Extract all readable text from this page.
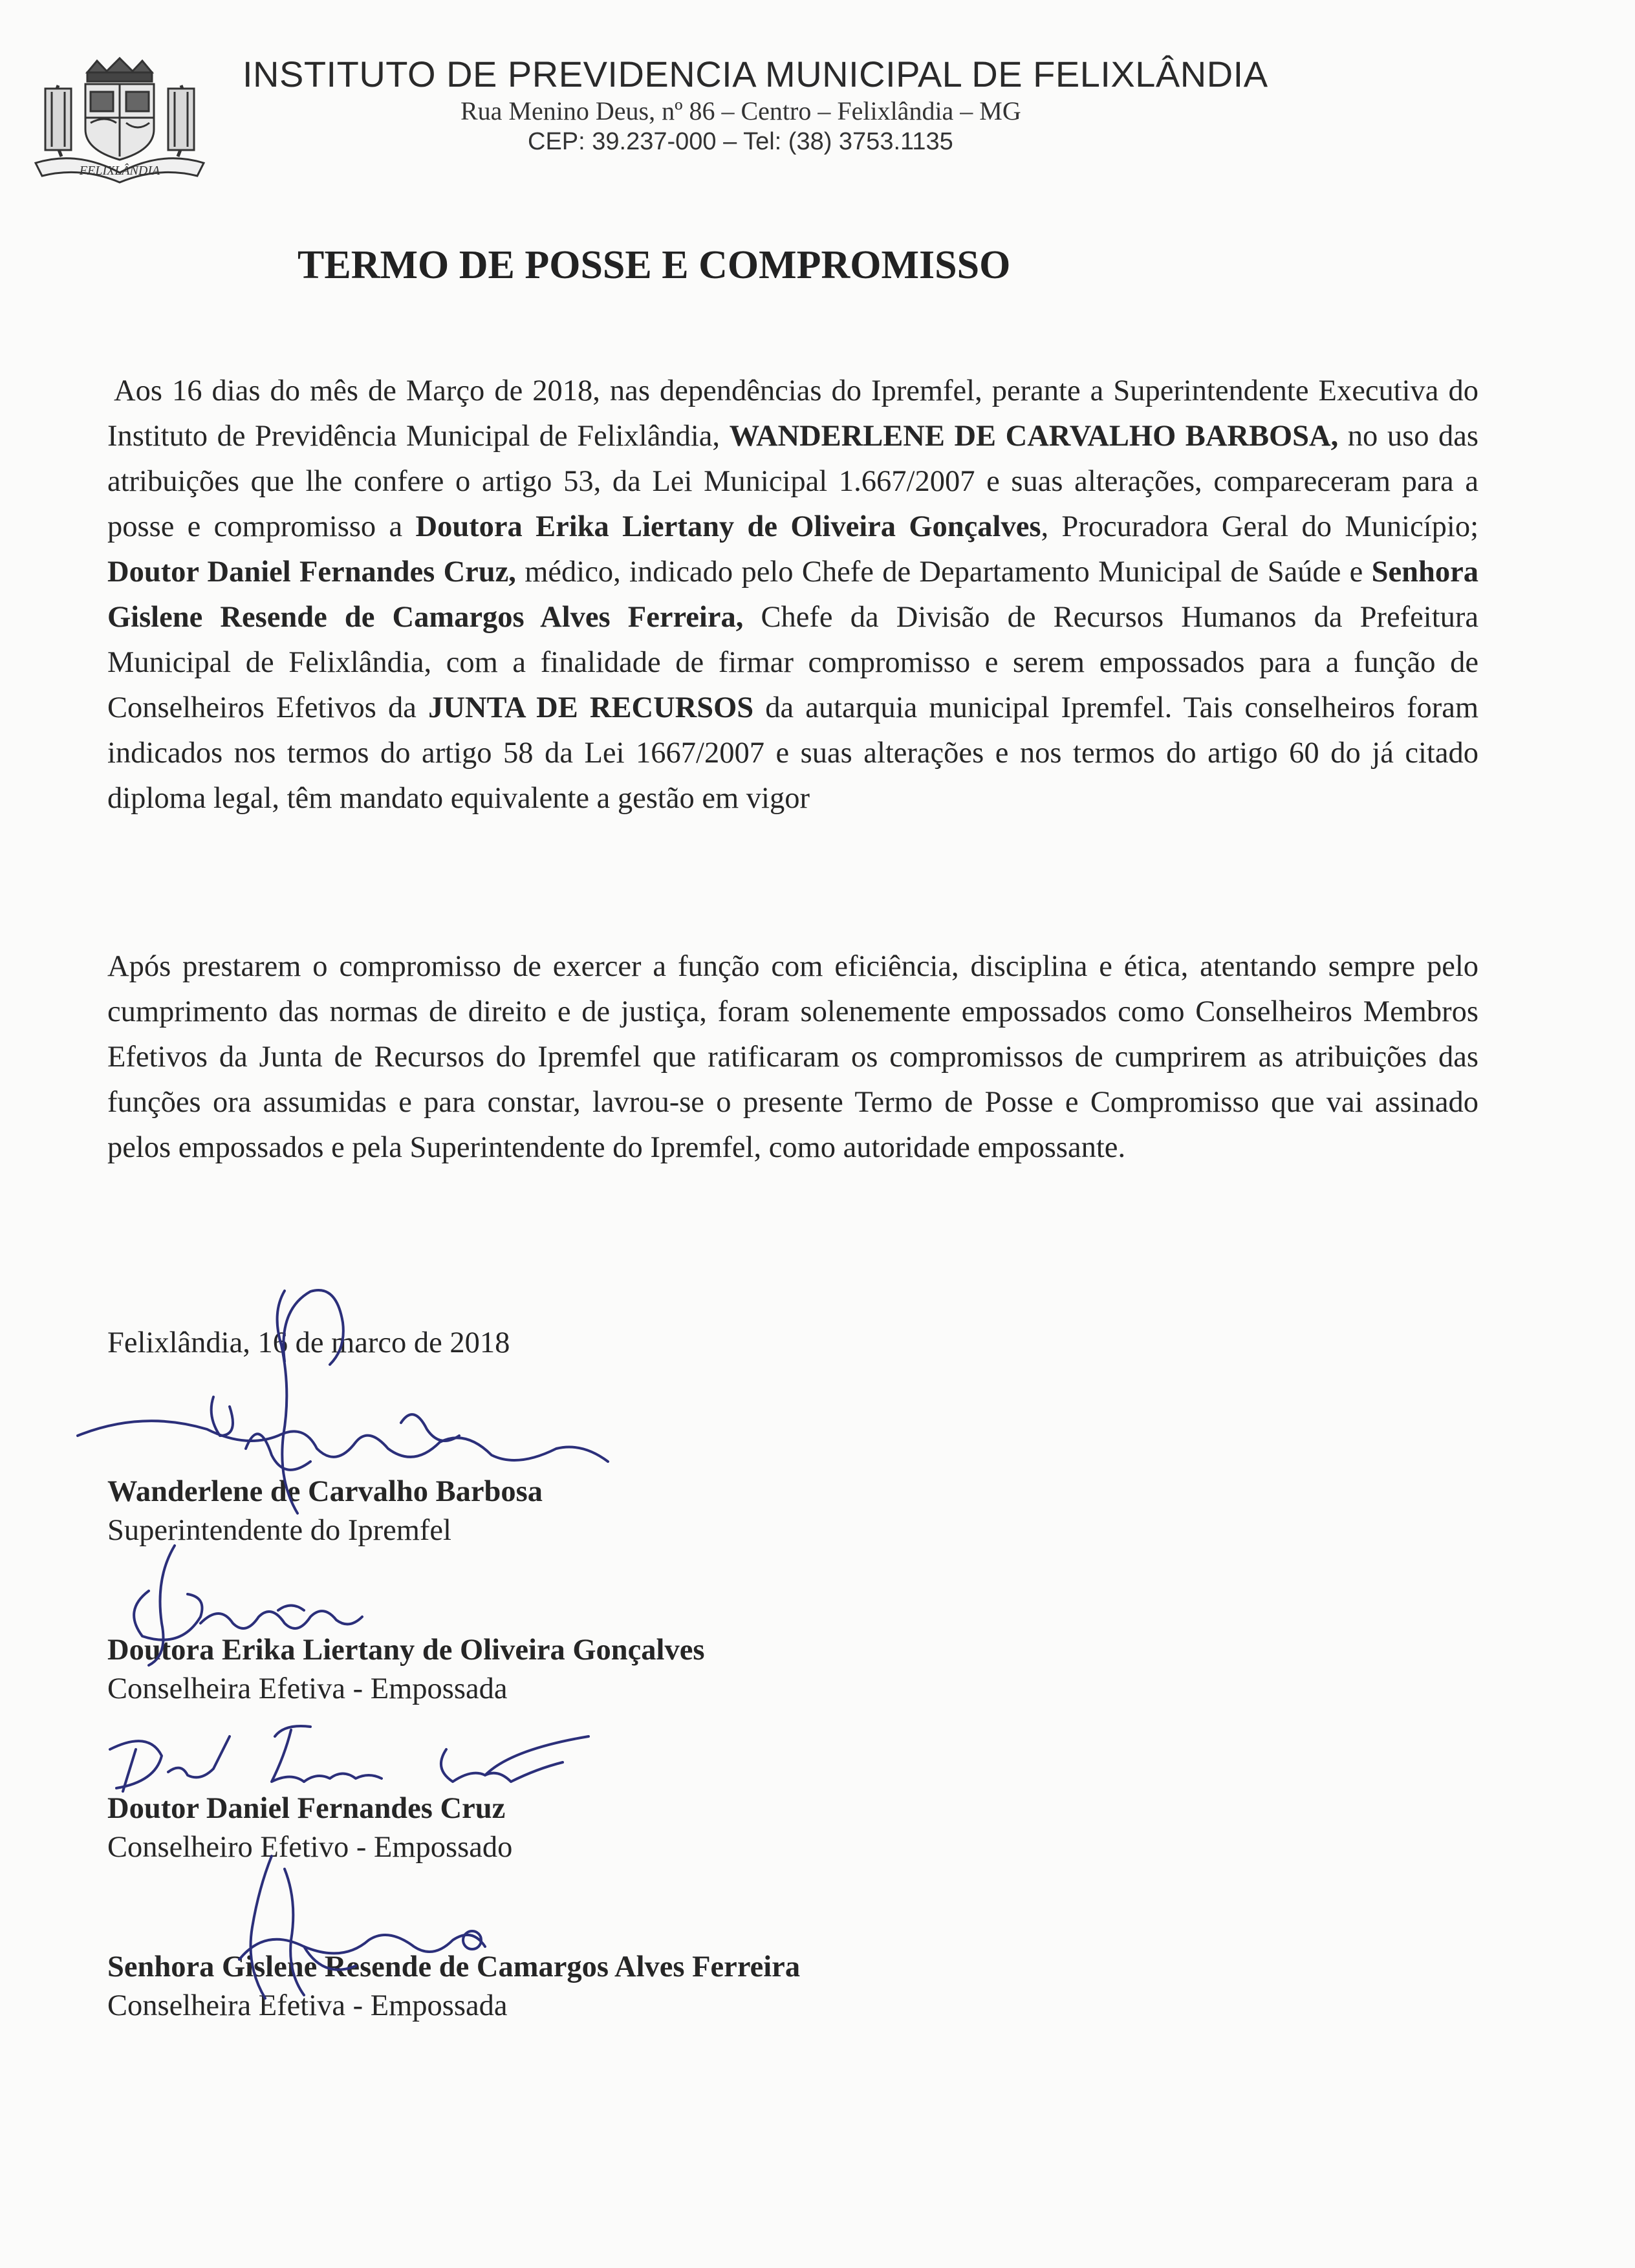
FELIXLÂNDIA
INSTITUTO DE PREVIDENCIA MUNICIPAL DE FELIXLÂNDIA
Rua Menino Deus, nº 86 – Centro – Felixlândia – MG
CEP: 39.237-000 – Tel: (38) 3753.1135
TERMO DE POSSE E COMPROMISSO
Aos 16 dias do mês de Março de 2018, nas dependências do Ipremfel, perante a Superintendente Executiva do Instituto de Previdência Municipal de Felixlândia, WANDERLENE DE CARVALHO BARBOSA, no uso das atribuições que lhe confere o artigo 53, da Lei Municipal 1.667/2007 e suas alterações, compareceram para a posse e compromisso a Doutora Erika Liertany de Oliveira Gonçalves, Procuradora Geral do Município; Doutor Daniel Fernandes Cruz, médico, indicado pelo Chefe de Departamento Municipal de Saúde e Senhora Gislene Resende de Camargos Alves Ferreira, Chefe da Divisão de Recursos Humanos da Prefeitura Municipal de Felixlândia, com a finalidade de firmar compromisso e serem empossados para a função de Conselheiros Efetivos da JUNTA DE RECURSOS da autarquia municipal Ipremfel. Tais conselheiros foram indicados nos termos do artigo 58 da Lei 1667/2007 e suas alterações e nos termos do artigo 60 do já citado diploma legal, têm mandato equivalente a gestão em vigor
Após prestarem o compromisso de exercer a função com eficiência, disciplina e ética, atentando sempre pelo cumprimento das normas de direito e de justiça, foram solenemente empossados como Conselheiros Membros Efetivos da Junta de Recursos do Ipremfel que ratificaram os compromissos de cumprirem as atribuições das funções ora assumidas e para constar, lavrou-se o presente Termo de Posse e Compromisso que vai assinado pelos empossados e pela Superintendente do Ipremfel, como autoridade empossante.
Felixlândia, 16 de marco de 2018
Wanderlene de Carvalho Barbosa
Superintendente do Ipremfel
Doutora Erika Liertany de Oliveira Gonçalves
Conselheira Efetiva - Empossada
Doutor Daniel Fernandes Cruz
Conselheiro Efetivo - Empossado
Senhora Gislene Resende de Camargos Alves Ferreira
Conselheira Efetiva - Empossada
